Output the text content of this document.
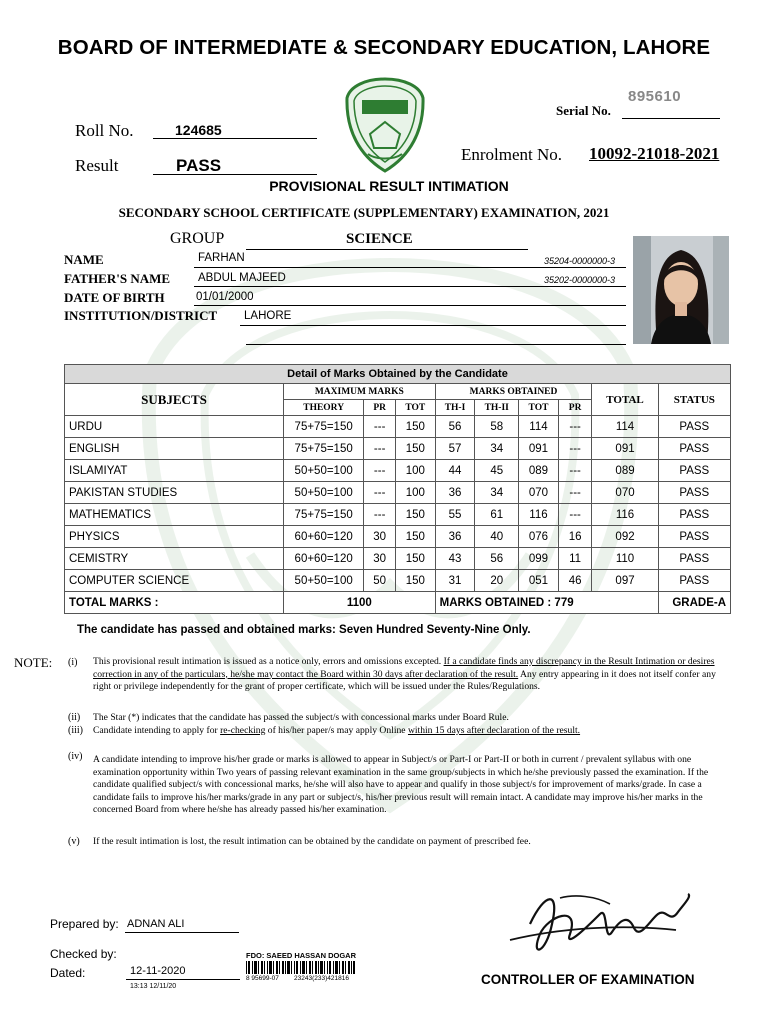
BOARD OF INTERMEDIATE & SECONDARY EDUCATION, LAHORE
895610
Serial No.
Roll No.	124685
Result	PASS
Enrolment No. 10092-21018-2021
PROVISIONAL RESULT INTIMATION
SECONDARY SCHOOL CERTIFICATE (SUPPLEMENTARY) EXAMINATION, 2021
GROUP	SCIENCE
NAME	FARHAN	35204-0000000-3
FATHER'S NAME ABDUL MAJEED	35202-0000000-3
DATE OF BIRTH	01/01/2000
INSTITUTION/DISTRICT LAHORE
Detail of Marks Obtained by the Candidate									
SUBJECTS	MAXIMUM MARKS			MARKS OBTAINED				TOTAL	STATUS
	THEORY	PR	TOT	TH-I	TH-II	TOT	PR		
URDU	75+75=150	---	150	56	58	114	---	114	PASS
ENGLISH	75+75=150	---	150	57	34	091	---	091	PASS
ISLAMIYAT	50+50=100	---	100	44	45	089	---	089	PASS
PAKISTAN STUDIES	50+50=100	---	100	36	34	070	---	070	PASS
MATHEMATICS	75+75=150	---	150	55	61	116	---	116	PASS
PHYSICS	60+60=120	30	150	36	40	076	16	092	PASS
CEMISTRY	60+60=120	30	150	43	56	099	11	110	PASS
COMPUTER SCIENCE	50+50=100	50	150	31	20	051	46	097	PASS
TOTAL MARKS :	1100			MARKS OBTAINED : 779					GRADE-A
The candidate has passed and obtained marks: Seven Hundred Seventy-Nine Only.
NOTE: (i) This provisional result intimation is issued as a notice only, errors and omissions excepted. If a candidate finds any discrepancy in the Result Intimation or desires correction in any of the particulars, he/she may contact the Board within 30 days after declaration of the result. Any entry appearing in it does not itself confer any right or privilege independently for the grant of proper certificate, which will be issued under the Rules/Regulations.
(ii) The Star (*) indicates that the candidate has passed the subject/s with concessional marks under Board Rule.
(iii) Candidate intending to apply for re-checking of his/her paper/s may apply Online within 15 days after declaration of the result.
(iv) A candidate intending to improve his/her grade or marks is allowed to appear in Subject/s or Part-I or Part-II or both in current / prevalent syllabus with one examination opportunity within Two years of passing relevant examination in the same group/subjects in which he/she previously passed the examination. If the candidate qualified subject/s with concessional marks, he/she will also have to appear and qualify in those subject/s for improvement of marks/grade. In case a candidate fails to improve his/her marks/grade in any part or subject/s, his/her previous result will remain intact. A candidate may improve his/her marks in the concerned Board from where he/she has already passed his/her examination.
(v) If the result intimation is lost, the result intimation can be obtained by the candidate on payment of prescribed fee.
Prepared by: ADNAN ALI
Checked by:
Dated:	12-11-2020
13:13 12/11/20
FDO: SAEED HASSAN DOGAR
8 95699-07 23243(233)421816	CONTROLLER OF EXAMINATION
